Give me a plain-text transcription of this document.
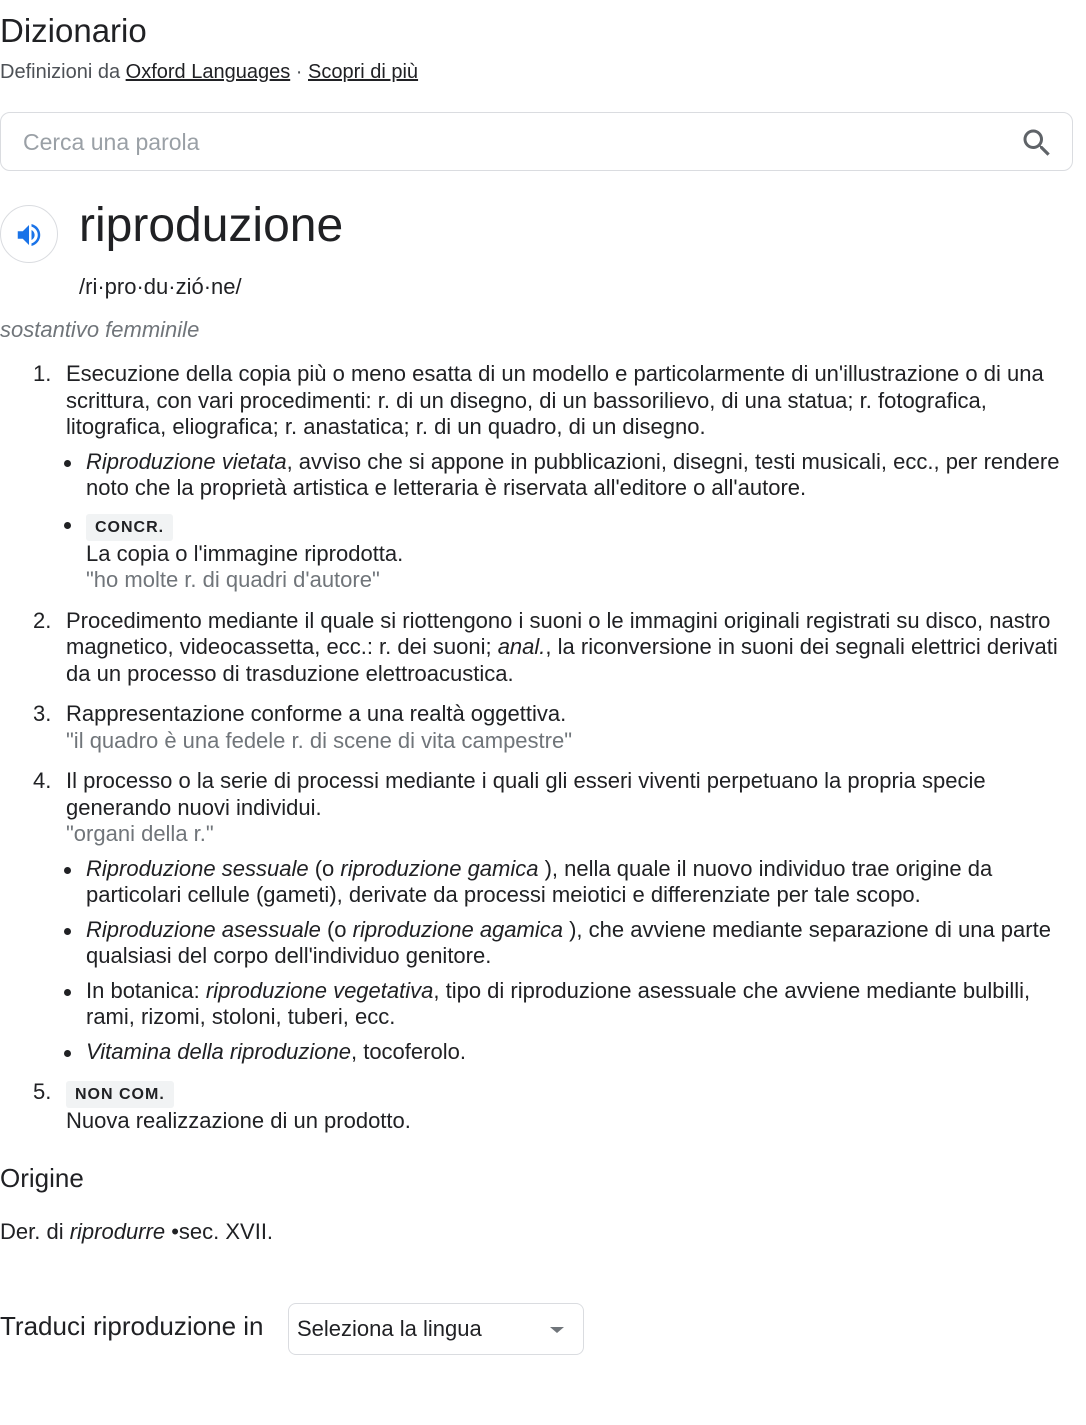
Dizionario
Definizioni da Oxford Languages · Scopri di più
Cerca una parola
riproduzione
/ri·pro·du·zió·ne/
sostantivo femminile
1. Esecuzione della copia più o meno esatta di un modello e particolarmente di un'illustrazione o di una scrittura, con vari procedimenti: r. di un disegno, di un bassorilievo, di una statua; r. fotografica, litografica, eliografica; r. anastatica; r. di un quadro, di un disegno.
Riproduzione vietata, avviso che si appone in pubblicazioni, disegni, testi musicali, ecc., per rendere noto che la proprietà artistica e letteraria è riservata all'editore o all'autore.
CONCR.
La copia o l'immagine riprodotta.
"ho molte r. di quadri d'autore"
2. Procedimento mediante il quale si riottengono i suoni o le immagini originali registrati su disco, nastro magnetico, videocassetta, ecc.: r. dei suoni; anal., la riconversione in suoni dei segnali elettrici derivati da un processo di trasduzione elettroacustica.
3. Rappresentazione conforme a una realtà oggettiva.
"il quadro è una fedele r. di scene di vita campestre"
4. Il processo o la serie di processi mediante i quali gli esseri viventi perpetuano la propria specie generando nuovi individui.
"organi della r."
Riproduzione sessuale (o riproduzione gamica ), nella quale il nuovo individuo trae origine da particolari cellule (gameti), derivate da processi meiotici e differenziate per tale scopo.
Riproduzione asessuale (o riproduzione agamica ), che avviene mediante separazione di una parte qualsiasi del corpo dell'individuo genitore.
In botanica: riproduzione vegetativa, tipo di riproduzione asessuale che avviene mediante bulbilli, rami, rizomi, stoloni, tuberi, ecc.
Vitamina della riproduzione, tocoferolo.
5.	NON COM.
Nuova realizzazione di un prodotto.
Origine
Der. di riprodurre •sec. XVII.
Traduci riproduzione in Seleziona la lingua
